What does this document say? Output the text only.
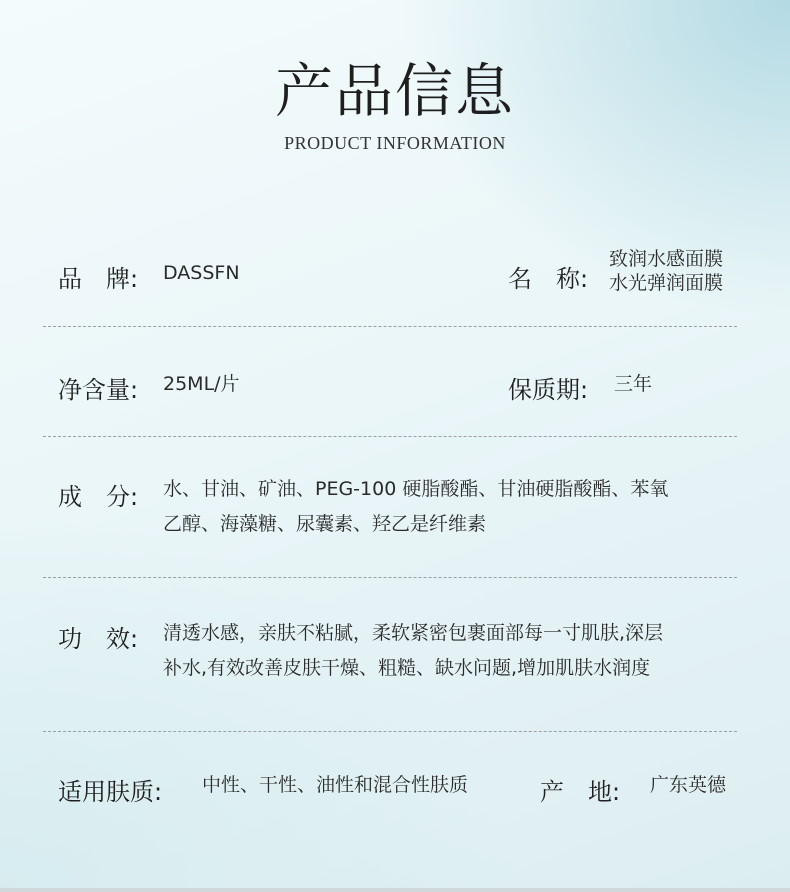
产品信息
PRODUCT INFORMATION
品　牌: DASSFN	名　称:
致润水感面膜
水光弹润面膜
净含量: 25ML/片	保质期: 三年
成　分: 水、甘油、矿油、PEG-100 硬脂酸酯、甘油硬脂酸酯、苯氧
乙醇、海藻糖、尿囊素、羟乙是纤维素
功　效: 清透水感，亲肤不粘腻，柔软紧密包裹面部每一寸肌肤,深层
补水,有效改善皮肤干燥、粗糙、缺水问题,增加肌肤水润度
适用肤质: 中性、干性、油性和混合性肤质	产　地: 广东英德
